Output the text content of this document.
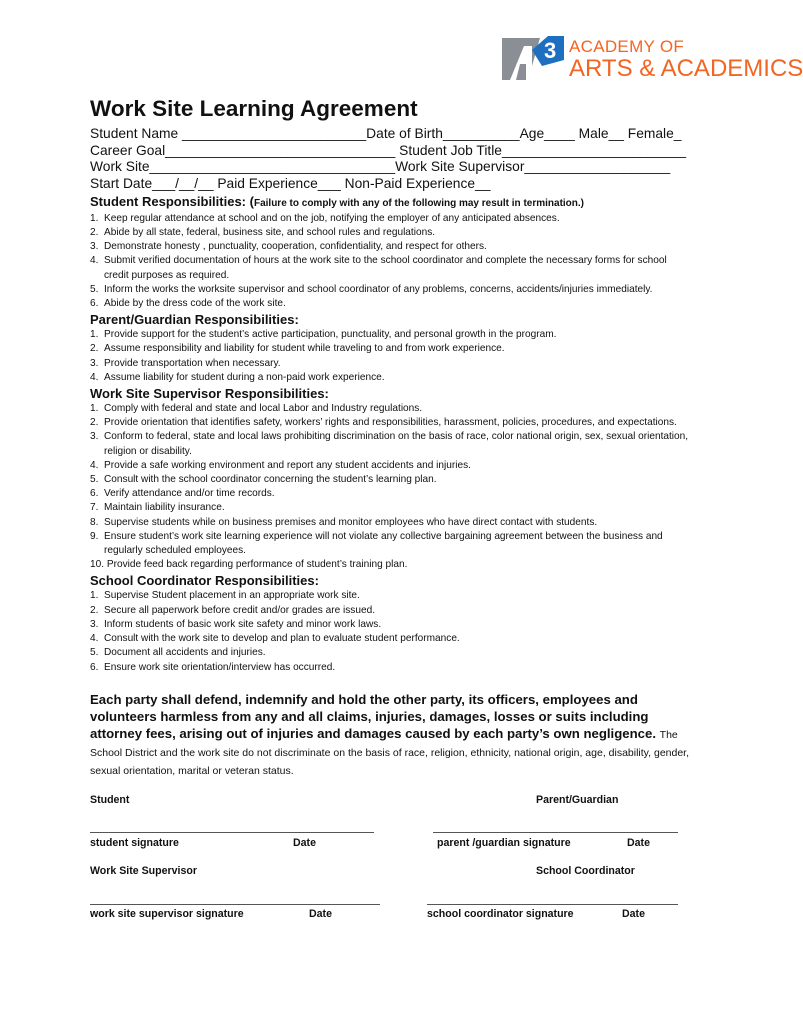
3 ACADEMY OF
ARTS & ACADEMICS
Work Site Learning Agreement
Student Name ________________________Date of Birth__________Age____ Male__ Female_
Career Goal______________________________ Student Job Title________________________
Work Site________________________________Work Site Supervisor___________________
Start Date___/__/__ Paid Experience___ Non-Paid Experience__
Student Responsibilities: (Failure to comply with any of the following may result in termination.)
1. Keep regular attendance at school and on the job, notifying the employer of any anticipated absences.
2. Abide by all state, federal, business site, and school rules and regulations.
3. Demonstrate honesty , punctuality, cooperation, confidentiality, and respect for others.
4. Submit verified documentation of hours at the work site to the school coordinator and complete the necessary forms for school credit purposes as required.
5. Inform the works the worksite supervisor and school coordinator of any problems, concerns, accidents/injuries immediately.
6. Abide by the dress code of the work site.
Parent/Guardian Responsibilities:
1. Provide support for the student’s active participation, punctuality, and personal growth in the program.
2. Assume responsibility and liability for student while traveling to and from work experience.
3. Provide transportation when necessary.
4. Assume liability for student during a non-paid work experience.
Work Site Supervisor Responsibilities:
1. Comply with federal and state and local Labor and Industry regulations.
2. Provide orientation that identifies safety, workers’ rights and responsibilities, harassment, policies, procedures, and expectations.
3. Conform to federal, state and local laws prohibiting discrimination on the basis of race, color national origin, sex, sexual orientation, religion or disability.
4. Provide a safe working environment and report any student accidents and injuries.
5. Consult with the school coordinator concerning the student’s learning plan.
6. Verify attendance and/or time records.
7. Maintain liability insurance.
8. Supervise students while on business premises and monitor employees who have direct contact with students.
9. Ensure student’s work site learning experience will not violate any collective bargaining agreement between the business and regularly scheduled employees.
10. Provide feed back regarding performance of student’s training plan.
School Coordinator Responsibilities:
1. Supervise Student placement in an appropriate work site.
2. Secure all paperwork before credit and/or grades are issued.
3. Inform students of basic work site safety and minor work laws.
4. Consult with the work site to develop and plan to evaluate student performance.
5. Document all accidents and injuries.
6. Ensure work site orientation/interview has occurred.
Each party shall defend, indemnify and hold the other party, its officers, employees and volunteers harmless from any and all claims, injuries, damages, losses or suits including attorney fees, arising out of injuries and damages caused by each party’s own negligence. The School District and the work site do not discriminate on the basis of race, religion, ethnicity, national origin, age, disability, gender, sexual orientation, marital or veteran status.
Student	Parent/Guardian
student signature	Date	parent /guardian signature	Date
Work Site Supervisor	School Coordinator
work site supervisor signature	Date	school coordinator signature	Date
